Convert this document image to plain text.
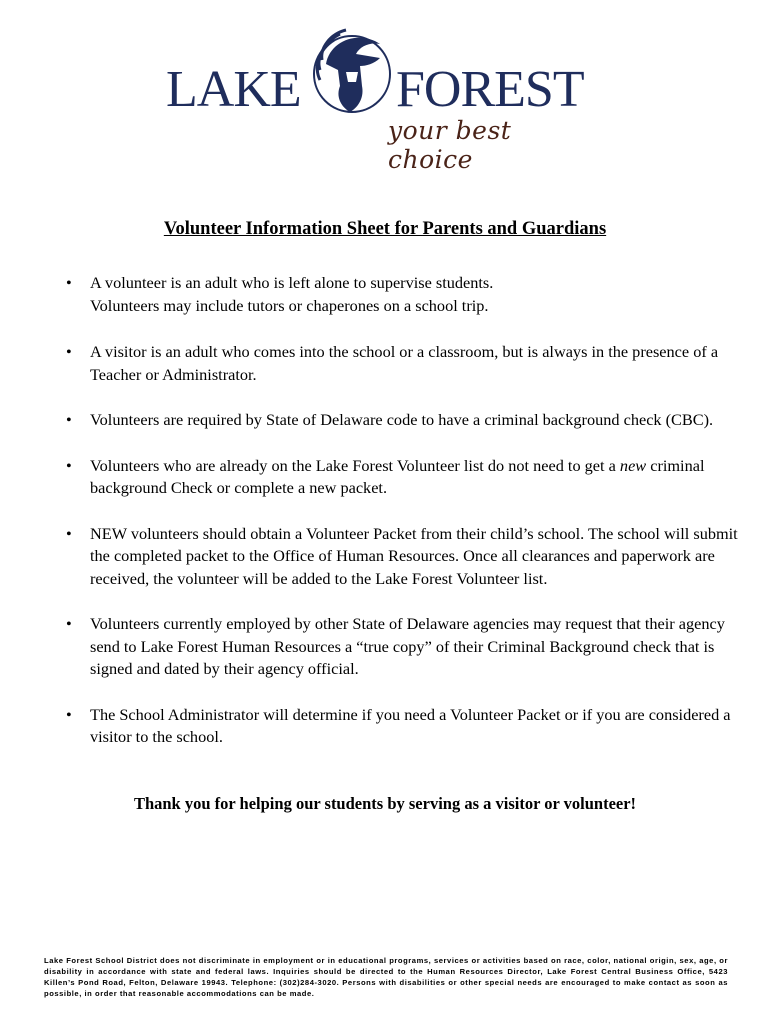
LAKE FOREST
your best choice
Volunteer Information Sheet for Parents and Guardians
• A volunteer is an adult who is left alone to supervise students.
Volunteers may include tutors or chaperones on a school trip.
• A visitor is an adult who comes into the school or a classroom, but is always in the presence of a Teacher or Administrator.
• Volunteers are required by State of Delaware code to have a criminal background check (CBC).
• Volunteers who are already on the Lake Forest Volunteer list do not need to get a new criminal background Check or complete a new packet.
• NEW volunteers should obtain a Volunteer Packet from their child’s school. The school will submit the completed packet to the Office of Human Resources. Once all clearances and paperwork are received, the volunteer will be added to the Lake Forest Volunteer list.
• Volunteers currently employed by other State of Delaware agencies may request that their agency send to Lake Forest Human Resources a “true copy” of their Criminal Background check that is signed and dated by their agency official.
• The School Administrator will determine if you need a Volunteer Packet or if you are considered a visitor to the school.
Thank you for helping our students by serving as a visitor or volunteer!
Lake Forest School District does not discriminate in employment or in educational programs, services or activities based on race, color, national origin, sex, age, or disability in accordance with state and federal laws. Inquiries should be directed to the Human Resources Director, Lake Forest Central Business Office, 5423 Killen’s Pond Road, Felton, Delaware 19943. Telephone: (302)284-3020. Persons with disabilities or other special needs are encouraged to make contact as soon as possible, in order that reasonable accommodations can be made.
